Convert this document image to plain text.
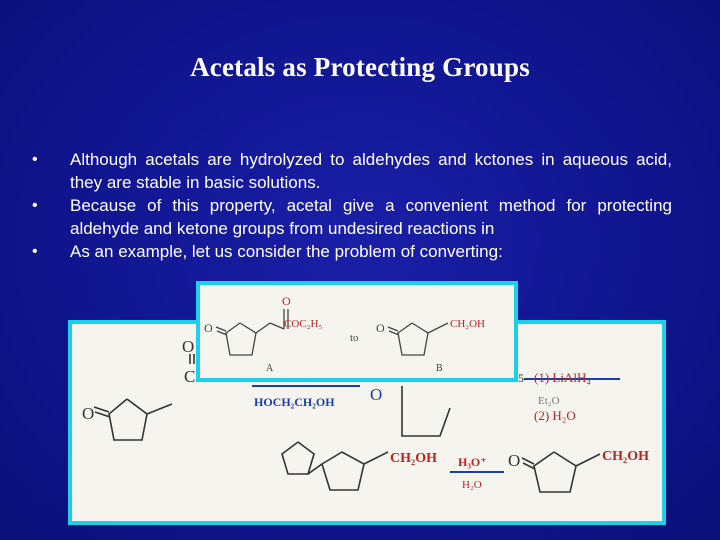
Acetals as Protecting Groups
• Although acetals are hydrolyzed to aldehydes and kctones in aqueous acid, they are stable in basic solutions.
• Because of this property, acetal give a convenient method for protecting aldehyde and ketone groups from undesired reactions in
• As an example, let us consider the problem of converting:
O
O
C
HOCH₂CH₂OH O
5 (1) LiAlH₄
Et₂O
(2) H₂O
CH₂OH H₃O⁺
H₂O
O	CH₂OH
O
O
COC₂H₅
A
to
O	CH₂OH
B
